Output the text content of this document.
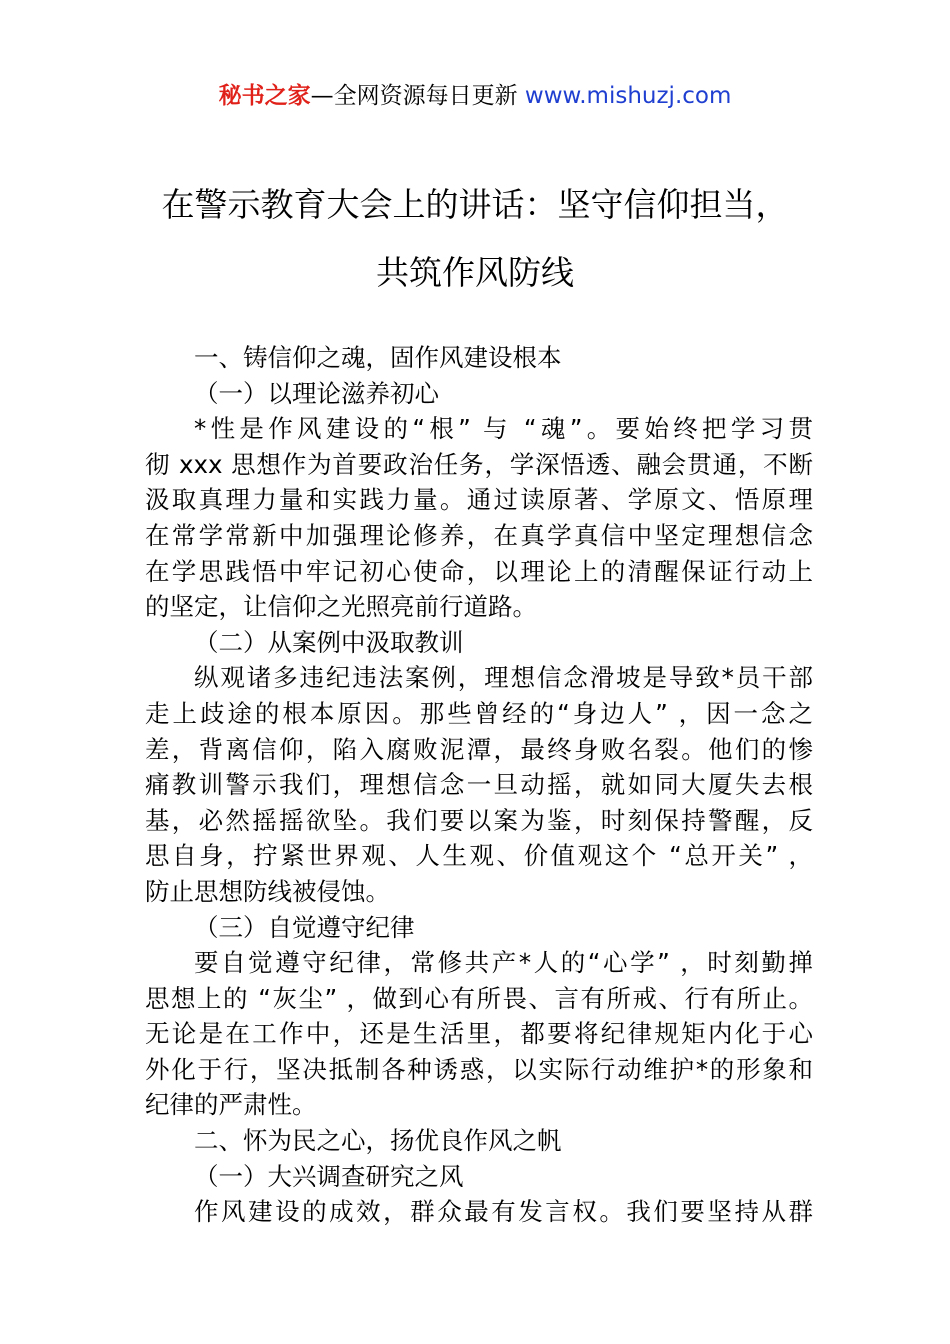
秘书之家—全网资源每日更新 www.mishuzj.com
在警示教育大会上的讲话：坚守信仰担当，
共筑作风防线
一、铸信仰之魂，固作风建设根本
（一）以理论滋养初心
*性是作风建设的“根” 与 “魂”。要始终把学习贯
彻 xxx 思想作为首要政治任务，学深悟透、融会贯通，不断
汲取真理力量和实践力量。通过读原著、学原文、悟原理
在常学常新中加强理论修养，在真学真信中坚定理想信念
在学思践悟中牢记初心使命，以理论上的清醒保证行动上
的坚定，让信仰之光照亮前行道路。
（二）从案例中汲取教训
纵观诸多违纪违法案例，理想信念滑坡是导致*员干部
走上歧途的根本原因。那些曾经的“身边人” ，因一念之
差，背离信仰，陷入腐败泥潭，最终身败名裂。他们的惨
痛教训警示我们，理想信念一旦动摇，就如同大厦失去根
基，必然摇摇欲坠。我们要以案为鉴，时刻保持警醒，反
思自身，拧紧世界观、人生观、价值观这个 “总开关” ，
防止思想防线被侵蚀。
（三）自觉遵守纪律
要自觉遵守纪律，常修共产*人的“心学” ，时刻勤掸
思想上的 “灰尘” ，做到心有所畏、言有所戒、行有所止。
无论是在工作中，还是生活里，都要将纪律规矩内化于心
外化于行，坚决抵制各种诱惑，以实际行动维护*的形象和
纪律的严肃性。
二、怀为民之心，扬优良作风之帆
（一）大兴调查研究之风
作风建设的成效，群众最有发言权。我们要坚持从群
